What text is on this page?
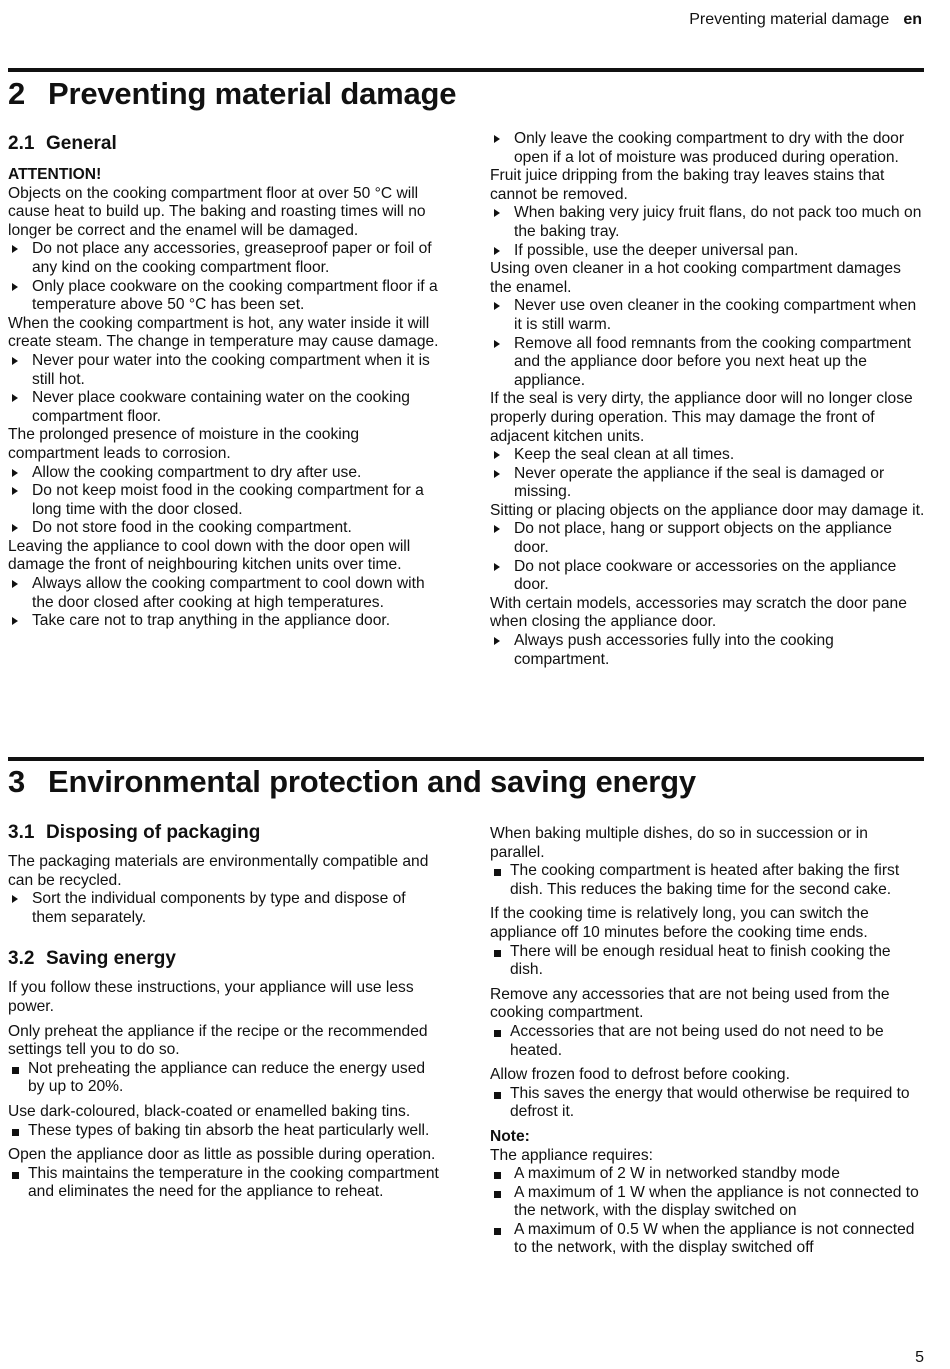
Preventing material damage en
2 Preventing material damage
2.1 General

ATTENTION!

Objects on the cooking compartment floor at over 50 °C will cause heat to build up. The baking and roasting times will no longer be correct and the enamel will be damaged.

Do not place any accessories, greaseproof paper or foil of any kind on the cooking compartment floor.
Only place cookware on the cooking compartment floor if a temperature above 50 °C has been set.

When the cooking compartment is hot, any water inside it will create steam. The change in temperature may cause damage.

Never pour water into the cooking compartment when it is still hot.
Never place cookware containing water on the cooking compartment floor.

The prolonged presence of moisture in the cooking compartment leads to corrosion.

Allow the cooking compartment to dry after use.
Do not keep moist food in the cooking compartment for a long time with the door closed.
Do not store food in the cooking compartment.

Leaving the appliance to cool down with the door open will damage the front of neighbouring kitchen units over time.

Always allow the cooking compartment to cool down with the door closed after cooking at high temperatures.
Take care not to trap anything in the appliance door.
Only leave the cooking compartment to dry with the door open if a lot of moisture was produced during operation.

Fruit juice dripping from the baking tray leaves stains that cannot be removed.

When baking very juicy fruit flans, do not pack too much on the baking tray.
If possible, use the deeper universal pan.

Using oven cleaner in a hot cooking compartment damages the enamel.

Never use oven cleaner in the cooking compartment when it is still warm.
Remove all food remnants from the cooking compartment and the appliance door before you next heat up the appliance.

If the seal is very dirty, the appliance door will no longer close properly during operation. This may damage the front of adjacent kitchen units.

Keep the seal clean at all times.
Never operate the appliance if the seal is damaged or missing.

Sitting or placing objects on the appliance door may damage it.

Do not place, hang or support objects on the appliance door.
Do not place cookware or accessories on the appliance door.

With certain models, accessories may scratch the door pane when closing the appliance door.

Always push accessories fully into the cooking compartment.
3 Environmental protection and saving energy
3.1 Disposing of packaging

The packaging materials are environmentally compatible and can be recycled.

Sort the individual components by type and dispose of them separately.
3.2 Saving energy

If you follow these instructions, your appliance will use less power.

Only preheat the appliance if the recipe or the recommended settings tell you to do so.

Not preheating the appliance can reduce the energy used by up to 20%.

Use dark-coloured, black-coated or enamelled baking tins.

These types of baking tin absorb the heat particularly well.

Open the appliance door as little as possible during operation.

This maintains the temperature in the cooking compartment and eliminates the need for the appliance to reheat.

When baking multiple dishes, do so in succession or in parallel.

The cooking compartment is heated after baking the first dish. This reduces the baking time for the second cake.

If the cooking time is relatively long, you can switch the appliance off 10 minutes before the cooking time ends.

There will be enough residual heat to finish cooking the dish.

Remove any accessories that are not being used from the cooking compartment.

Accessories that are not being used do not need to be heated.

Allow frozen food to defrost before cooking.

This saves the energy that would otherwise be required to defrost it.

Note:

The appliance requires:

A maximum of 2 W in networked standby mode
A maximum of 1 W when the appliance is not connected to the network, with the display switched on
A maximum of 0.5 W when the appliance is not connected to the network, with the display switched off
5
